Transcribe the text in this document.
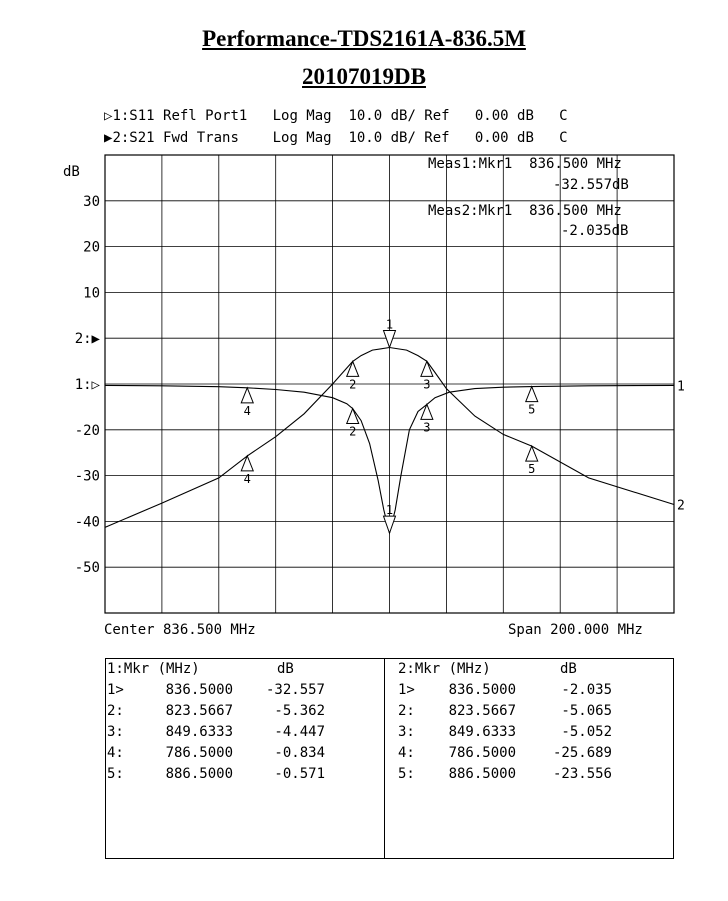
Performance-TDS2161A-836.5M
20107019DB
▷1:S11 Refl Port1   Log Mag  10.0 dB/ Ref   0.00 dB   C
▶2:S21 Fwd Trans    Log Mag  10.0 dB/ Ref   0.00 dB   C
1
2
1
2	3
4	5
1
2	3
4
5
30
20
10
2:▶
1:▷
-20
-30
-40
-50
dB	Meas1:Mkr1  836.500 MHz
-32.557dB
Meas2:Mkr1  836.500 MHz
-2.035dB
Center 836.500 MHz	Span 200.000 MHz
1:Mkr (MHz)		dB
1>	836.5000	-32.557
2:	823.5667	-5.362
3:	849.6333	-4.447
4:	786.5000	-0.834
5:	886.5000	-0.571
2:Mkr (MHz)		dB
1>	836.5000	-2.035
2:	823.5667	-5.065
3:	849.6333	-5.052
4:	786.5000	-25.689
5:	886.5000	-23.556
